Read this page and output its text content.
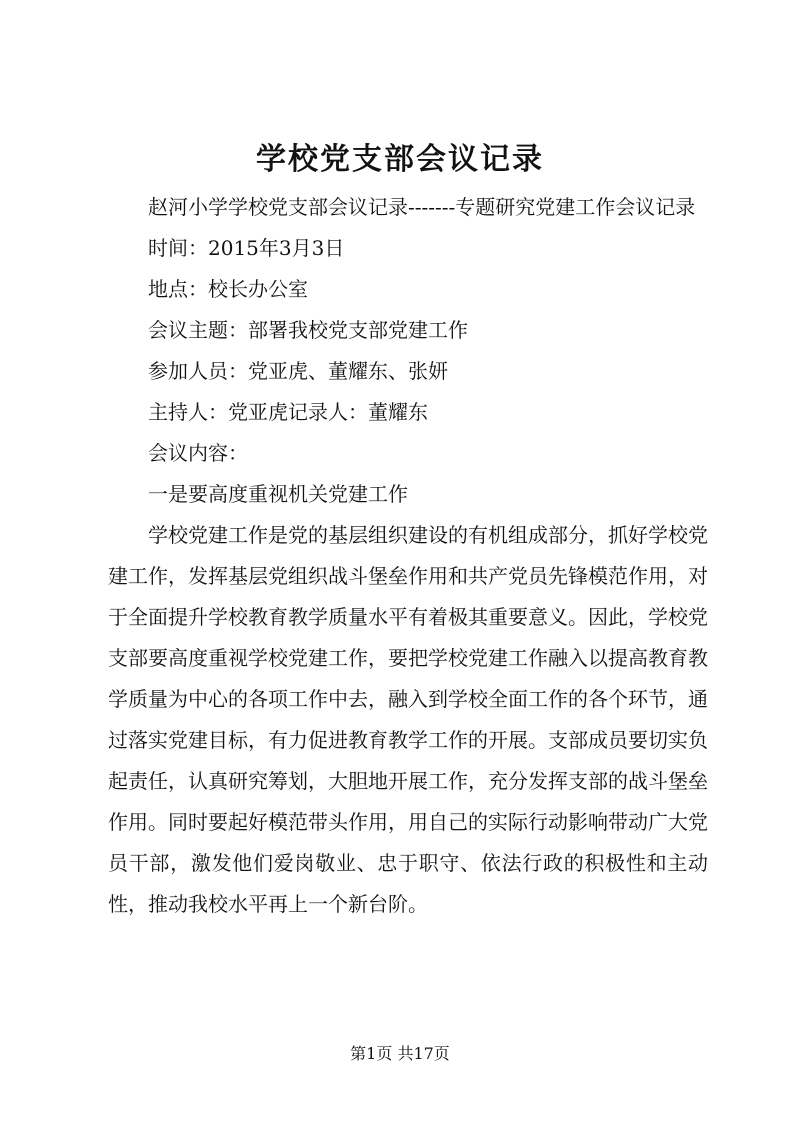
学校党支部会议记录

赵河小学学校党支部会议记录-------专题研究党建工作会议记录

时间：2015年3月3日

地点：校长办公室

会议主题：部署我校党支部党建工作

参加人员：党亚虎、董耀东、张妍

主持人：党亚虎记录人：董耀东

会议内容：

一是要高度重视机关党建工作

学校党建工作是党的基层组织建设的有机组成部分，抓好学校党建工作，发挥基层党组织战斗堡垒作用和共产党员先锋模范作用，对于全面提升学校教育教学质量水平有着极其重要意义。因此，学校党支部要高度重视学校党建工作，要把学校党建工作融入以提高教育教学质量为中心的各项工作中去，融入到学校全面工作的各个环节，通过落实党建目标，有力促进教育教学工作的开展。支部成员要切实负起责任，认真研究筹划，大胆地开展工作，充分发挥支部的战斗堡垒作用。同时要起好模范带头作用，用自己的实际行动影响带动广大党员干部，激发他们爱岗敬业、忠于职守、依法行政的积极性和主动性，推动我校水平再上一个新台阶。

第1页 共17页
